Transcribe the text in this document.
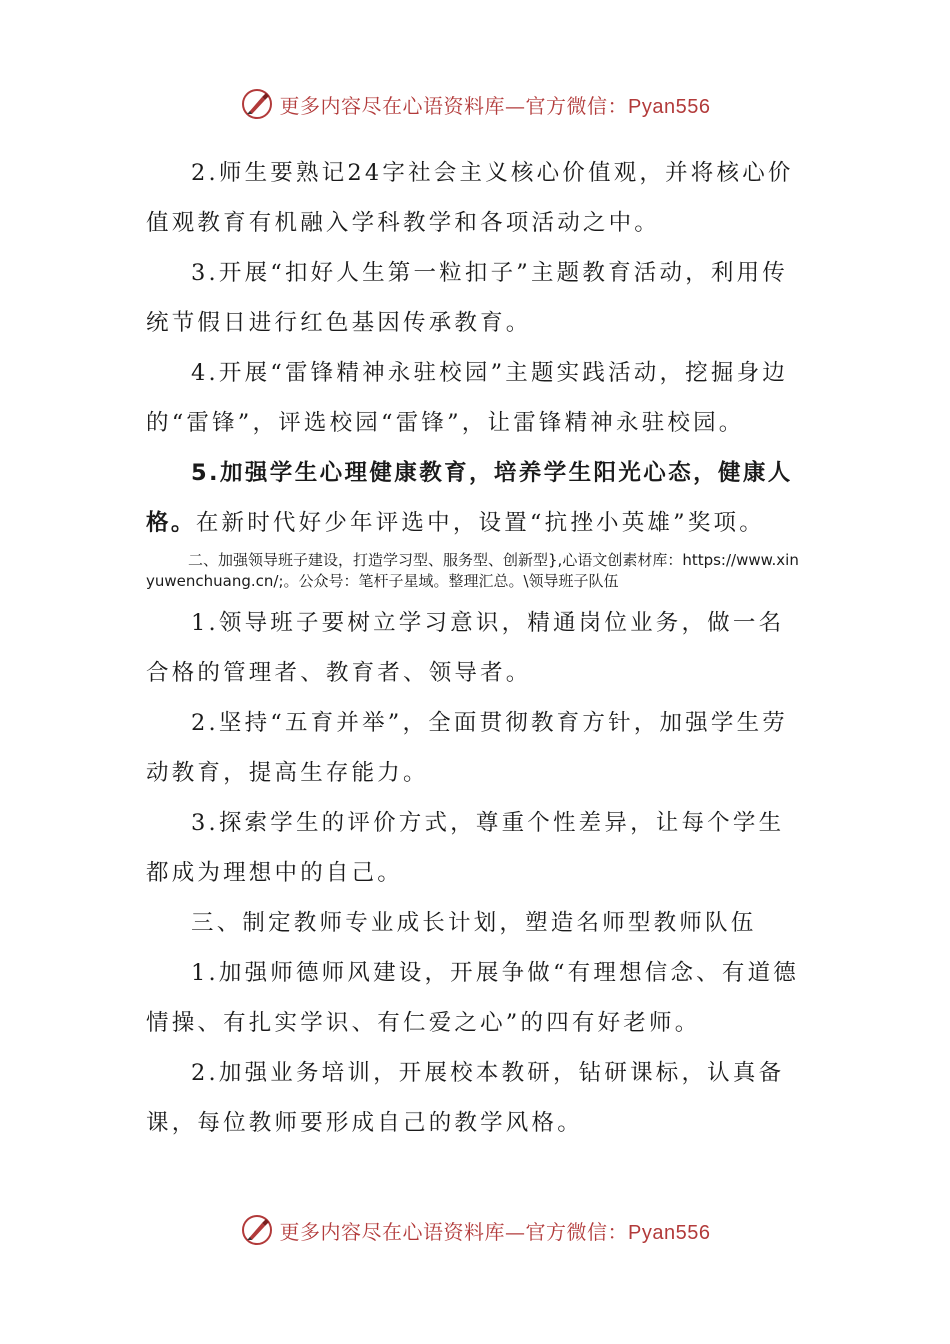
更多内容尽在心语资料库—官方微信：Pyan556

2.师生要熟记24字社会主义核心价值观，并将核心价值观教育有机融入学科教学和各项活动之中。

3.开展“扣好人生第一粒扣子”主题教育活动，利用传统节假日进行红色基因传承教育。

4.开展“雷锋精神永驻校园”主题实践活动，挖掘身边的“雷锋”，评选校园“雷锋”，让雷锋精神永驻校园。

5.加强学生心理健康教育，培养学生阳光心态，健康人格。在新时代好少年评选中，设置“抗挫小英雄”奖项。

二、加强领导班子建设，打造学习型、服务型、创新型},心语文创素材库：https://www.xinyuwenchuang.cn/;。公众号：笔杆子星域。整理汇总。\领导班子队伍

1.领导班子要树立学习意识，精通岗位业务，做一名合格的管理者、教育者、领导者。

2.坚持“五育并举”，全面贯彻教育方针，加强学生劳动教育，提高生存能力。

3.探索学生的评价方式，尊重个性差异，让每个学生都成为理想中的自己。

三、制定教师专业成长计划，塑造名师型教师队伍

1.加强师德师风建设，开展争做“有理想信念、有道德情操、有扎实学识、有仁爱之心”的四有好老师。

2.加强业务培训，开展校本教研，钻研课标，认真备课，每位教师要形成自己的教学风格。

更多内容尽在心语资料库—官方微信：Pyan556
